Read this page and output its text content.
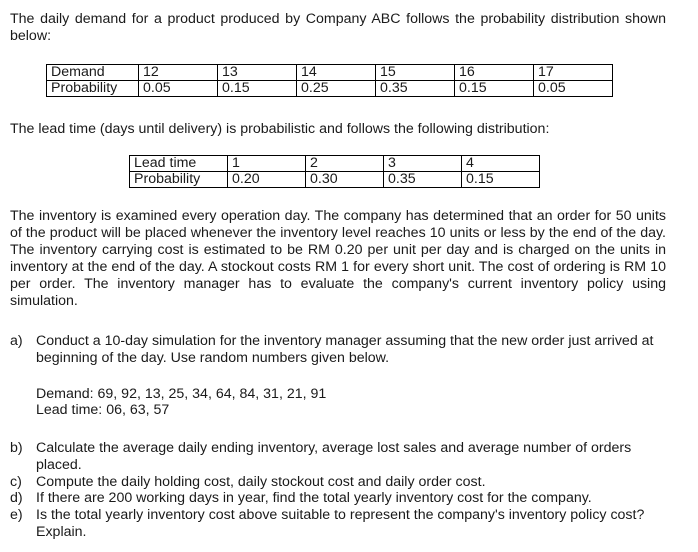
The daily demand for a product produced by Company ABC follows the probability distribution shown below:

Demand	12	13	14	15	16	17
Probability	0.05	0.15	0.25	0.35	0.15	0.05

The lead time (days until delivery) is probabilistic and follows the following distribution:

Lead time	1	2	3	4
Probability	0.20	0.30	0.35	0.15

The inventory is examined every operation day. The company has determined that an order for 50 units of the product will be placed whenever the inventory level reaches 10 units or less by the end of the day. The inventory carrying cost is estimated to be RM 0.20 per unit per day and is charged on the units in inventory at the end of the day. A stockout costs RM 1 for every short unit. The cost of ordering is RM 10 per order. The inventory manager has to evaluate the company's current inventory policy using simulation.

a) Conduct a 10-day simulation for the inventory manager assuming that the new order just arrived at beginning of the day. Use random numbers given below.
Demand: 69, 92, 13, 25, 34, 64, 84, 31, 21, 91
Lead time: 06, 63, 57
b) Calculate the average daily ending inventory, average lost sales and average number of orders placed.
c) Compute the daily holding cost, daily stockout cost and daily order cost.
d) If there are 200 working days in year, find the total yearly inventory cost for the company.
e) Is the total yearly inventory cost above suitable to represent the company's inventory policy cost? Explain.
